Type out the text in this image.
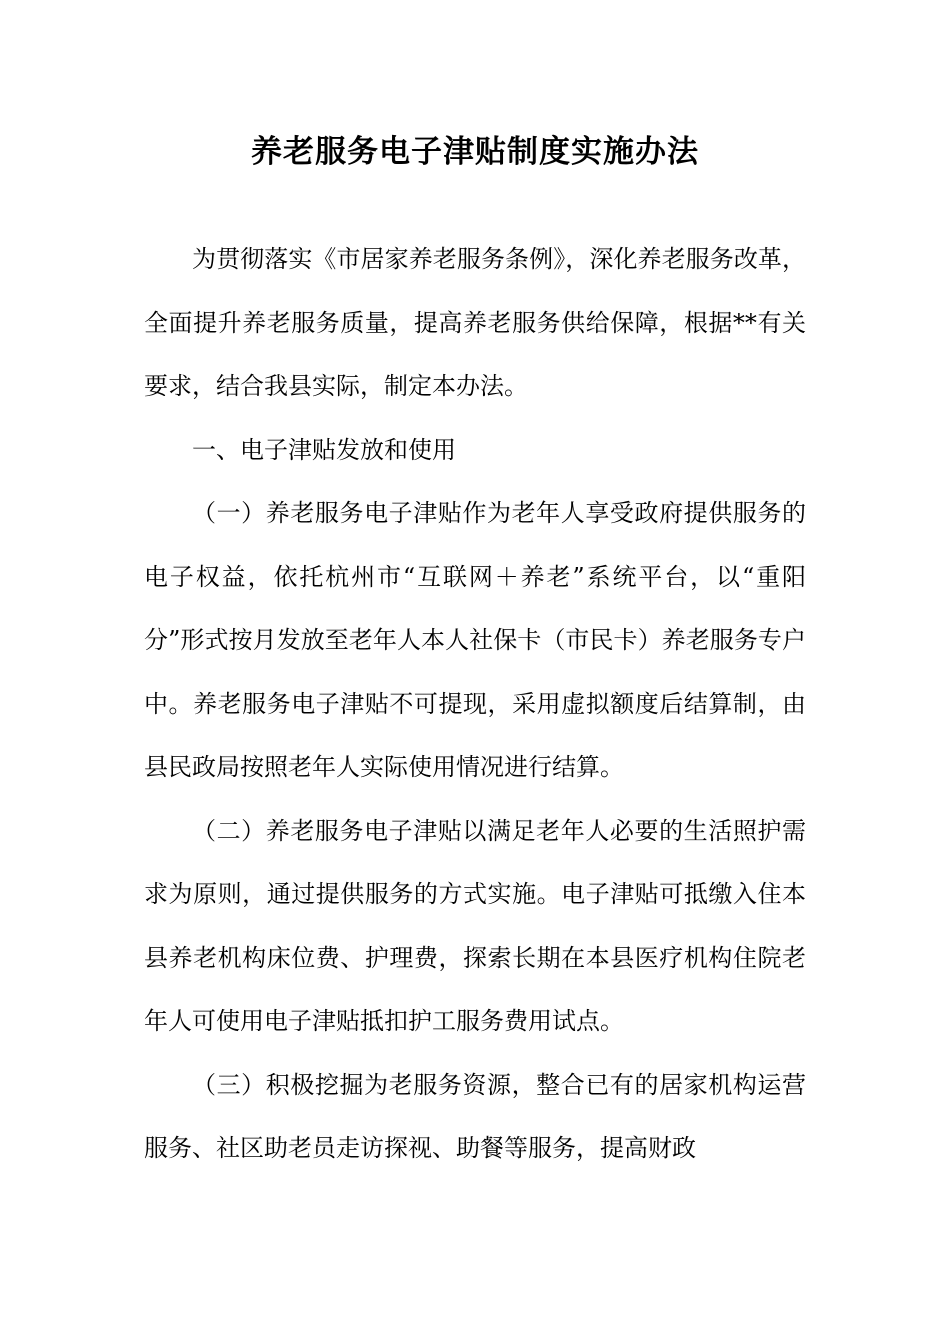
养老服务电子津贴制度实施办法

为贯彻落实《市居家养老服务条例》，深化养老服务改革，全面提升养老服务质量，提高养老服务供给保障，根据**有关要求，结合我县实际，制定本办法。

一、电子津贴发放和使用

（一）养老服务电子津贴作为老年人享受政府提供服务的电子权益，依托杭州市“互联网＋养老”系统平台，以“重阳分”形式按月发放至老年人本人社保卡（市民卡）养老服务专户中。养老服务电子津贴不可提现，采用虚拟额度后结算制，由县民政局按照老年人实际使用情况进行结算。

（二）养老服务电子津贴以满足老年人必要的生活照护需求为原则，通过提供服务的方式实施。电子津贴可抵缴入住本县养老机构床位费、护理费，探索长期在本县医疗机构住院老年人可使用电子津贴抵扣护工服务费用试点。

（三）积极挖掘为老服务资源，整合已有的居家机构运营服务、社区助老员走访探视、助餐等服务，提高财政
